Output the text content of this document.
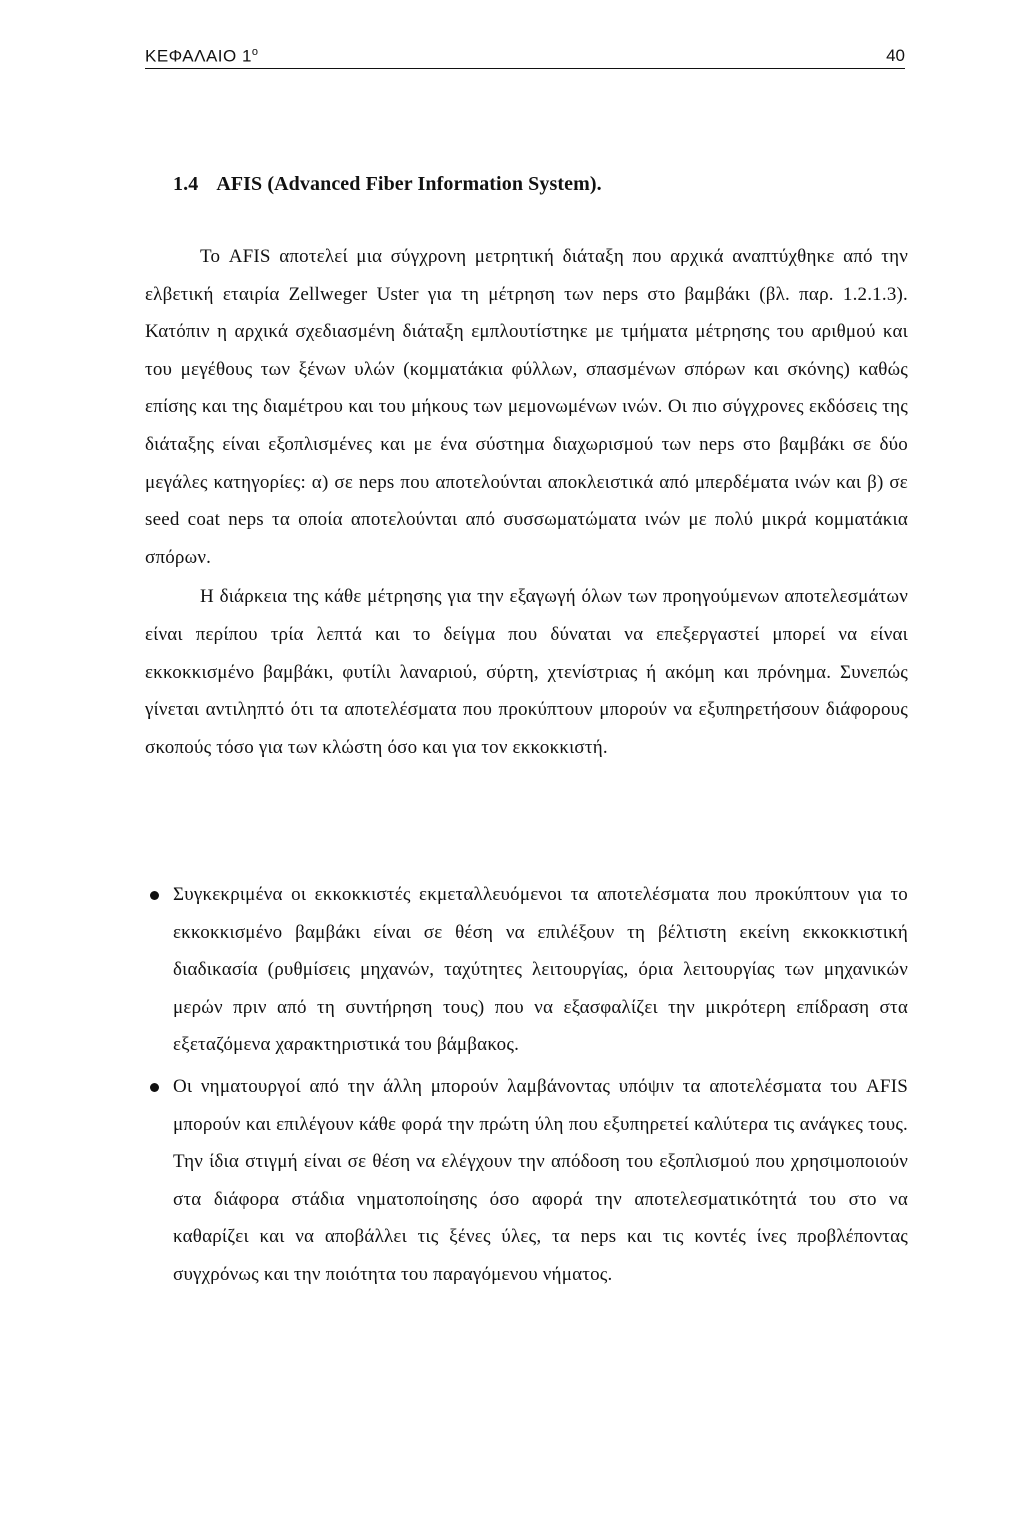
ΚΕΦΑΛΑΙΟ $1^o$	40
1.4 AFIS (Advanced Fiber Information System).

Το AFIS αποτελεί μια σύγχρονη μετρητική διάταξη που αρχικά αναπτύχθηκε από την ελβετική εταιρία Zellweger Uster για τη μέτρηση των neps στο βαμβάκι (βλ. παρ. 1.2.1.3). Κατόπιν η αρχικά σχεδιασμένη διάταξη εμπλουτίστηκε με τμήματα μέτρησης του αριθμού και του μεγέθους των ξένων υλών (κομματάκια φύλλων, σπασμένων σπόρων και σκόνης) καθώς επίσης και της διαμέτρου και του μήκους των μεμονωμένων ινών. Οι πιο σύγχρονες εκδόσεις της διάταξης είναι εξοπλισμένες και με ένα σύστημα διαχωρισμού των neps στο βαμβάκι σε δύο μεγάλες κατηγορίες: α) σε neps που αποτελούνται αποκλειστικά από μπερδέματα ινών και β) σε seed coat neps τα οποία αποτελούνται από συσσωματώματα ινών με πολύ μικρά κομματάκια σπόρων.

Η διάρκεια της κάθε μέτρησης για την εξαγωγή όλων των προηγούμενων αποτελεσμάτων είναι περίπου τρία λεπτά και το δείγμα που δύναται να επεξεργαστεί μπορεί να είναι εκκοκκισμένο βαμβάκι, φυτίλι λαναριού, σύρτη, χτενίστριας ή ακόμη και πρόνημα. Συνεπώς γίνεται αντιληπτό ότι τα αποτελέσματα που προκύπτουν μπορούν να εξυπηρετήσουν διάφορους σκοπούς τόσο για των κλώστη όσο και για τον εκκοκκιστή.

Συγκεκριμένα οι εκκοκκιστές εκμεταλλευόμενοι τα αποτελέσματα που προκύπτουν για το εκκοκκισμένο βαμβάκι είναι σε θέση να επιλέξουν τη βέλτιστη εκείνη εκκοκκιστική διαδικασία (ρυθμίσεις μηχανών, ταχύτητες λειτουργίας, όρια λειτουργίας των μηχανικών μερών πριν από τη συντήρηση τους) που να εξασφαλίζει την μικρότερη επίδραση στα εξεταζόμενα χαρακτηριστικά του βάμβακος.
Οι νηματουργοί από την άλλη μπορούν λαμβάνοντας υπόψιν τα αποτελέσματα του AFIS μπορούν και επιλέγουν κάθε φορά την πρώτη ύλη που εξυπηρετεί καλύτερα τις ανάγκες τους. Την ίδια στιγμή είναι σε θέση να ελέγχουν την απόδοση του εξοπλισμού που χρησιμοποιούν στα διάφορα στάδια νηματοποίησης όσο αφορά την αποτελεσματικότητά του στο να καθαρίζει και να αποβάλλει τις ξένες ύλες, τα neps και τις κοντές ίνες προβλέποντας συγχρόνως και την ποιότητα του παραγόμενου νήματος.
